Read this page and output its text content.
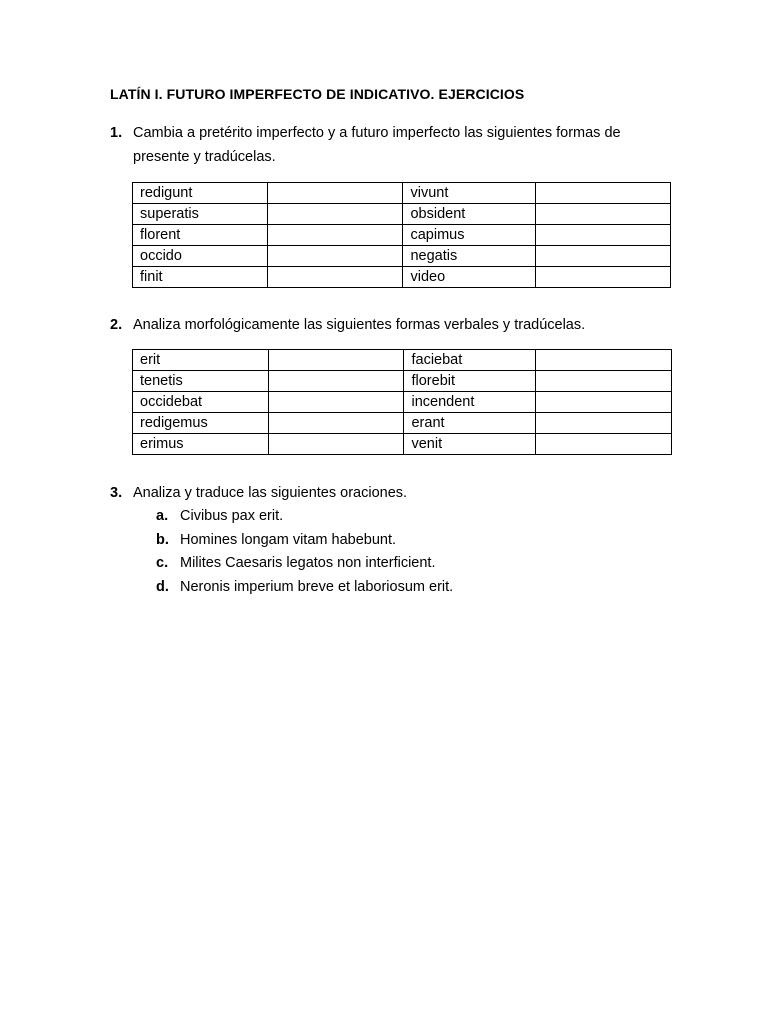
LATÍN I. FUTURO IMPERFECTO DE INDICATIVO. EJERCICIOS
1. Cambia a pretérito imperfecto y a futuro imperfecto las siguientes formas de presente y tradúcelas.
redigunt		vivunt	
superatis		obsident	
florent		capimus	
occido		negatis	
finit		video	
2. Analiza morfológicamente las siguientes formas verbales y tradúcelas.
erit		faciebat	
tenetis		florebit	
occidebat		incendent	
redigemus		erant	
erimus		venit	
3. Analiza y traduce las siguientes oraciones.
a. Civibus pax erit.
b. Homines longam vitam habebunt.
c. Milites Caesaris legatos non interficient.
d. Neronis imperium breve et laboriosum erit.
